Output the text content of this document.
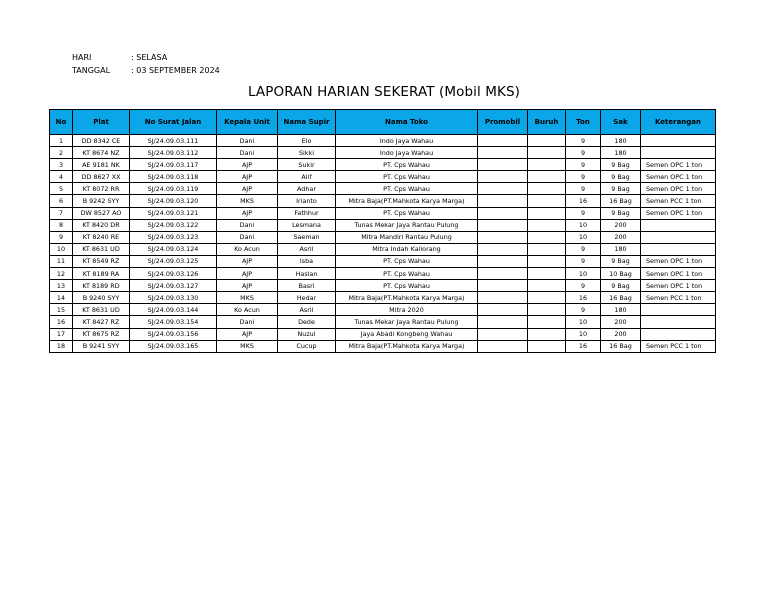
HARI	: SELASA
TANGGAL	: 03 SEPTEMBER 2024
LAPORAN HARIAN SEKERAT (Mobil MKS)
No	Plat	No Surat Jalan	Kepala Unit	Nama Supir	Nama Toko	Promobil	Buruh	Ton	Sak	Keterangan
1	DD 8342 CE	SJ/24.09.03.111	Dani	Elo	Indo Jaya Wahau			9	180	
2	KT 8674 NZ	SJ/24.09.03.112	Dani	Sikki	Indo Jaya Wahau			9	180	
3	AE 9181 NK	SJ/24.09.03.117	AJP	Sukir	PT. Cps Wahau			9	9 Bag	Semen OPC 1 ton
4	DD 8627 XX	SJ/24.09.03.118	AJP	Alif	PT. Cps Wahau			9	9 Bag	Semen OPC 1 ton
5	KT 8072 RR	SJ/24.09.03.119	AJP	Adhar	PT. Cps Wahau			9	9 Bag	Semen OPC 1 ton
6	B 9242 SYY	SJ/24.09.03.120	MKS	Irianto	Mitra Baja(PT.Mahkota Karya Marga)			16	16 Bag	Semen PCC 1 ton
7	DW 8527 AO	SJ/24.09.03.121	AJP	Fathhur	PT. Cps Wahau			9	9 Bag	Semen OPC 1 ton
8	KT 8420 DR	SJ/24.09.03.122	Dani	Lesmana	Tunas Mekar Jaya Rantau Pulung			10	200	
9	KT 8240 RE	SJ/24.09.03.123	Dani	Saeman	Mitra Mandiri Rantau Pulung			10	200	
10	KT 8631 UD	SJ/24.09.03.124	Ko Acun	Asril	Mitra Indah Kaliorang			9	180	
11	KT 8549 RZ	SJ/24.09.03.125	AJP	Isba	PT. Cps Wahau			9	9 Bag	Semen OPC 1 ton
12	KT 8189 RA	SJ/24.09.03.126	AJP	Haslan	PT. Cps Wahau			10	10 Bag	Semen OPC 1 ton
13	KT 8189 RD	SJ/24.09.03.127	AJP	Basri	PT. Cps Wahau			9	9 Bag	Semen OPC 1 ton
14	B 9240 SYY	SJ/24.09.03.130	MKS	Hedar	Mitra Baja(PT.Mahkota Karya Marga)			16	16 Bag	Semen PCC 1 ton
15	KT 8631 UD	SJ/24.09.03.144	Ko Acun	Asril	Mitra 2020			9	180	
16	KT 8427 RZ	SJ/24.09.03.154	Dani	Dede	Tunas Mekar Jaya Rantau Pulung			10	200	
17	KT 8675 RZ	SJ/24.09.03.156	AJP	Nuzul	Jaya Abadi Kongbeng Wahau			10	200	
18	B 9241 SYY	SJ/24.09.03.165	MKS	Cucup	Mitra Baja(PT.Mahkota Karya Marga)			16	16 Bag	Semen PCC 1 ton
